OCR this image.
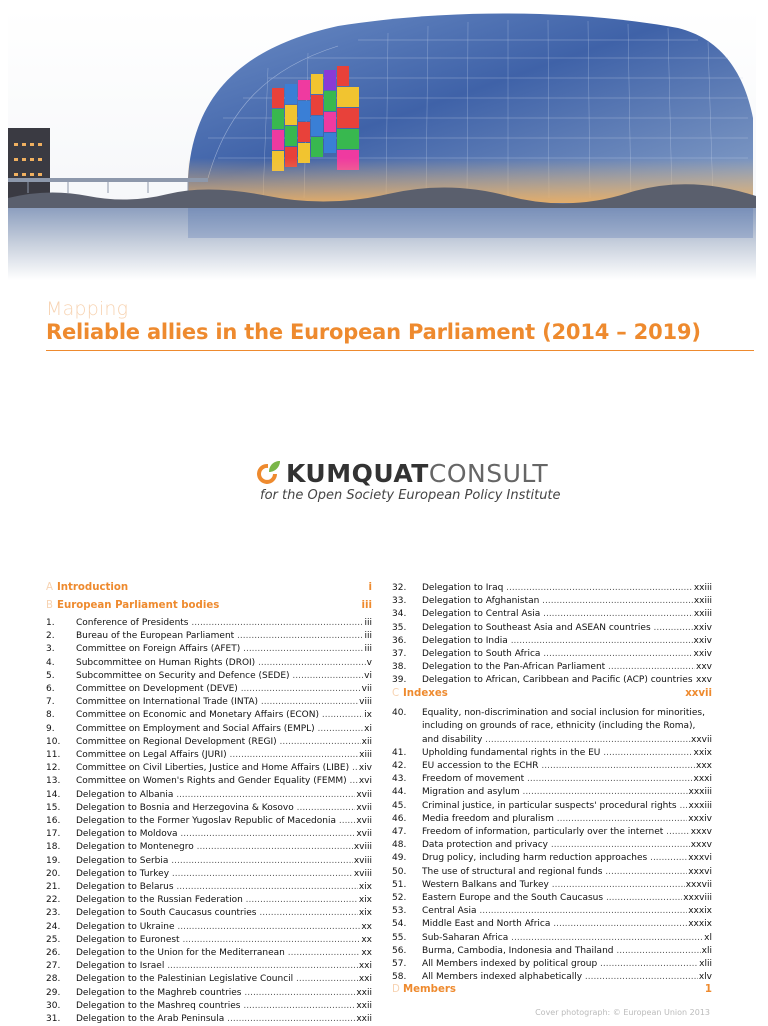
Mapping
Reliable allies in the European Parliament (2014 – 2019)
KUMQUAT CONSULT
for the Open Society European Policy Institute
A Introduction	i
B European Parliament bodies	iii
1.	Conference of Presidents .....	iii
2.	Bureau of the European Parliament .....	iii
3.	Committee on Foreign Affairs (AFET) .....	iii
4.	Subcommittee on Human Rights (DROI) .....	v
5.	Subcommittee on Security and Defence (SEDE) .....	vi
6.	Committee on Development (DEVE) .....	vii
7.	Committee on International Trade (INTA) .....	viii
8.	Committee on Economic and Monetary Affairs (ECON) .....	ix
9.	Committee on Employment and Social Affairs (EMPL) .....	xi
10.	Committee on Regional Development (REGI) .....	xii
11.	Committee on Legal Affairs (JURI) .....	xiii
12.	Committee on Civil Liberties, Justice and Home Affairs (LIBE) .....	xiv
13.	Committee on Women's Rights and Gender Equality (FEMM) .....	xvi
14.	Delegation to Albania .....	xvii
15.	Delegation to Bosnia and Herzegovina & Kosovo .....	xvii
16.	Delegation to the Former Yugoslav Republic of Macedonia .....	xvii
17.	Delegation to Moldova .....	xvii
18.	Delegation to Montenegro .....	xviii
19.	Delegation to Serbia .....	xviii
20.	Delegation to Turkey .....	xviii
21.	Delegation to Belarus .....	xix
22.	Delegation to the Russian Federation .....	xix
23.	Delegation to South Caucasus countries .....	xix
24.	Delegation to Ukraine .....	xx
25.	Delegation to Euronest .....	xx
26.	Delegation to the Union for the Mediterranean .....	xx
27.	Delegation to Israel .....	xxi
28.	Delegation to the Palestinian Legislative Council .....	xxi
29.	Delegation to the Maghreb countries .....	xxii
30.	Delegation to the Mashreq countries .....	xxii
31.	Delegation to the Arab Peninsula .....	xxii
32.	Delegation to Iraq .....	xxiii
33.	Delegation to Afghanistan .....	xxiii
34.	Delegation to Central Asia .....	xxiii
35.	Delegation to Southeast Asia and ASEAN countries .....	xxiv
36.	Delegation to India .....	xxiv
37.	Delegation to South Africa .....	xxiv
38.	Delegation to the Pan-African Parliament .....	xxv
39.	Delegation to African, Caribbean and Pacific (ACP) countries ..... xxv
C Indexes	xxvii
40.	Equality, non-discrimination and social inclusion for minorities,
including on grounds of race, ethnicity (including the Roma),
and disability .....	xxvii
41.	Upholding fundamental rights in the EU .....	xxix
42.	EU accession to the ECHR .....	xxx
43.	Freedom of movement .....	xxxi
44.	Migration and asylum .....	xxxiii
45.	Criminal justice, in particular suspects' procedural rights .....	xxxiii
46.	Media freedom and pluralism .....	xxxiv
47.	Freedom of information, particularly over the internet .....	xxxv
48.	Data protection and privacy .....	xxxv
49.	Drug policy, including harm reduction approaches .....	xxxvi
50.	The use of structural and regional funds .....	xxxvi
51.	Western Balkans and Turkey .....	xxxvii
52.	Eastern Europe and the South Caucasus .....	xxxviii
53.	Central Asia .....	xxxix
54.	Middle East and North Africa .....	xxxix
55.	Sub-Saharan Africa .....	xl
56.	Burma, Cambodia, Indonesia and Thailand .....	xli
57.	All Members indexed by political group .....	xlii
58.	All Members indexed alphabetically .....	xlv
D Members	1
Cover photograph: © European Union 2013
